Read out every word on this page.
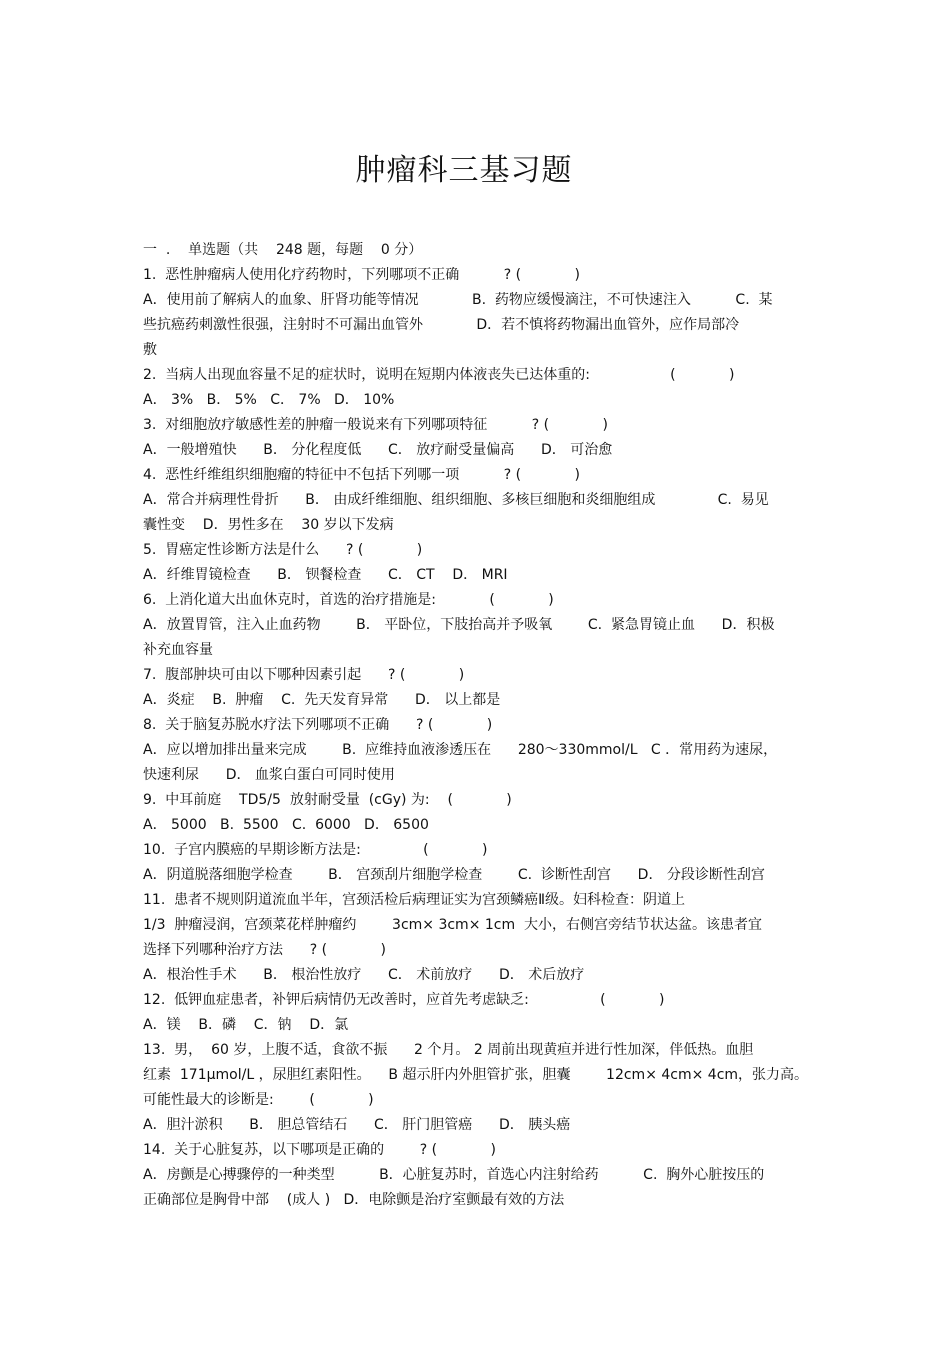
肿瘤科三基习题
一  .    单选题（共    248 题，每题    0 分）
1.  恶性肿瘤病人使用化疗药物时，下列哪项不正确          ? (            )
A．使用前了解病人的血象、肝肾功能等情况            B.  药物应缓慢滴注，不可快速注入          C.  某
些抗癌药刺激性很强，注射时不可漏出血管外            D．若不慎将药物漏出血管外，应作局部冷
敷
2.  当病人出现血容量不足的症状时，说明在短期内体液丧失已达体重的:                  (            )
A． 3%   B． 5%   C． 7%   D． 10%
3.  对细胞放疗敏感性差的肿瘤一般说来有下列哪项特征          ? (            )
A．一般增殖快      B． 分化程度低      C． 放疗耐受量偏高      D． 可治愈
4.  恶性纤维组织细胞瘤的特征中不包括下列哪一项          ? (            )
A．常合并病理性骨折      B． 由成纤维细胞、组织细胞、多核巨细胞和炎细胞组成              C.  易见
囊性变    D．男性多在    30 岁以下发病
5.  胃癌定性诊断方法是什么      ? (            )
A．纤维胃镜检查      B． 钡餐检查      C． CT    D． MRI
6.  上消化道大出血休克时，首选的治疗措施是:            (            )
A．放置胃管，注入止血药物        B． 平卧位，下肢抬高并予吸氧        C.  紧急胃镜止血      D．积极
补充血容量
7.  腹部肿块可由以下哪种因素引起      ? (            )
A．炎症    B.  肿瘤    C.  先天发育异常      D． 以上都是
8.  关于脑复苏脱水疗法下列哪项不正确      ? (            )
A．应以增加排出量来完成        B.  应维持血液渗透压在      280～330mmol/L   C ．常用药为速尿，
快速利尿      D． 血浆白蛋白可同时使用
9.  中耳前庭    TD5/5  放射耐受量  (cGy) 为:    (            )
A． 5000   B.  5500   C.  6000   D． 6500
10.  子宫内膜癌的早期诊断方法是:              (            )
A．阴道脱落细胞学检查        B． 宫颈刮片细胞学检查        C.  诊断性刮宫      D． 分段诊断性刮宫
11.  患者不规则阴道流血半年，宫颈活检后病理证实为宫颈鳞癌Ⅱ级。妇科检查：阴道上
1/3  肿瘤浸润，宫颈菜花样肿瘤约        3cm× 3cm× 1cm  大小，右侧宫旁结节状达盆。该患者宜
选择下列哪种治疗方法      ? (            )
A．根治性手术      B． 根治性放疗      C． 术前放疗      D． 术后放疗
12.  低钾血症患者，补钾后病情仍无改善时，应首先考虑缺乏:                (            )
A．镁    B．磷    C．钠    D．氯
13.  男，  60 岁，上腹不适，食欲不振      2 个月。 2 周前出现黄疸并进行性加深，伴低热。血胆
红素  171μmol/L ，尿胆红素阳性。    B 超示肝内外胆管扩张，胆囊        12cm× 4cm× 4cm，张力高。
可能性最大的诊断是:        (            )
A．胆汁淤积      B． 胆总管结石      C． 肝门胆管癌      D． 胰头癌
14.  关于心脏复苏，以下哪项是正确的        ? (            )
A．房颤是心搏骤停的一种类型          B．心脏复苏时，首选心内注射给药          C.  胸外心脏按压的
正确部位是胸骨中部    (成人 )   D．电除颤是治疗室颤最有效的方法
